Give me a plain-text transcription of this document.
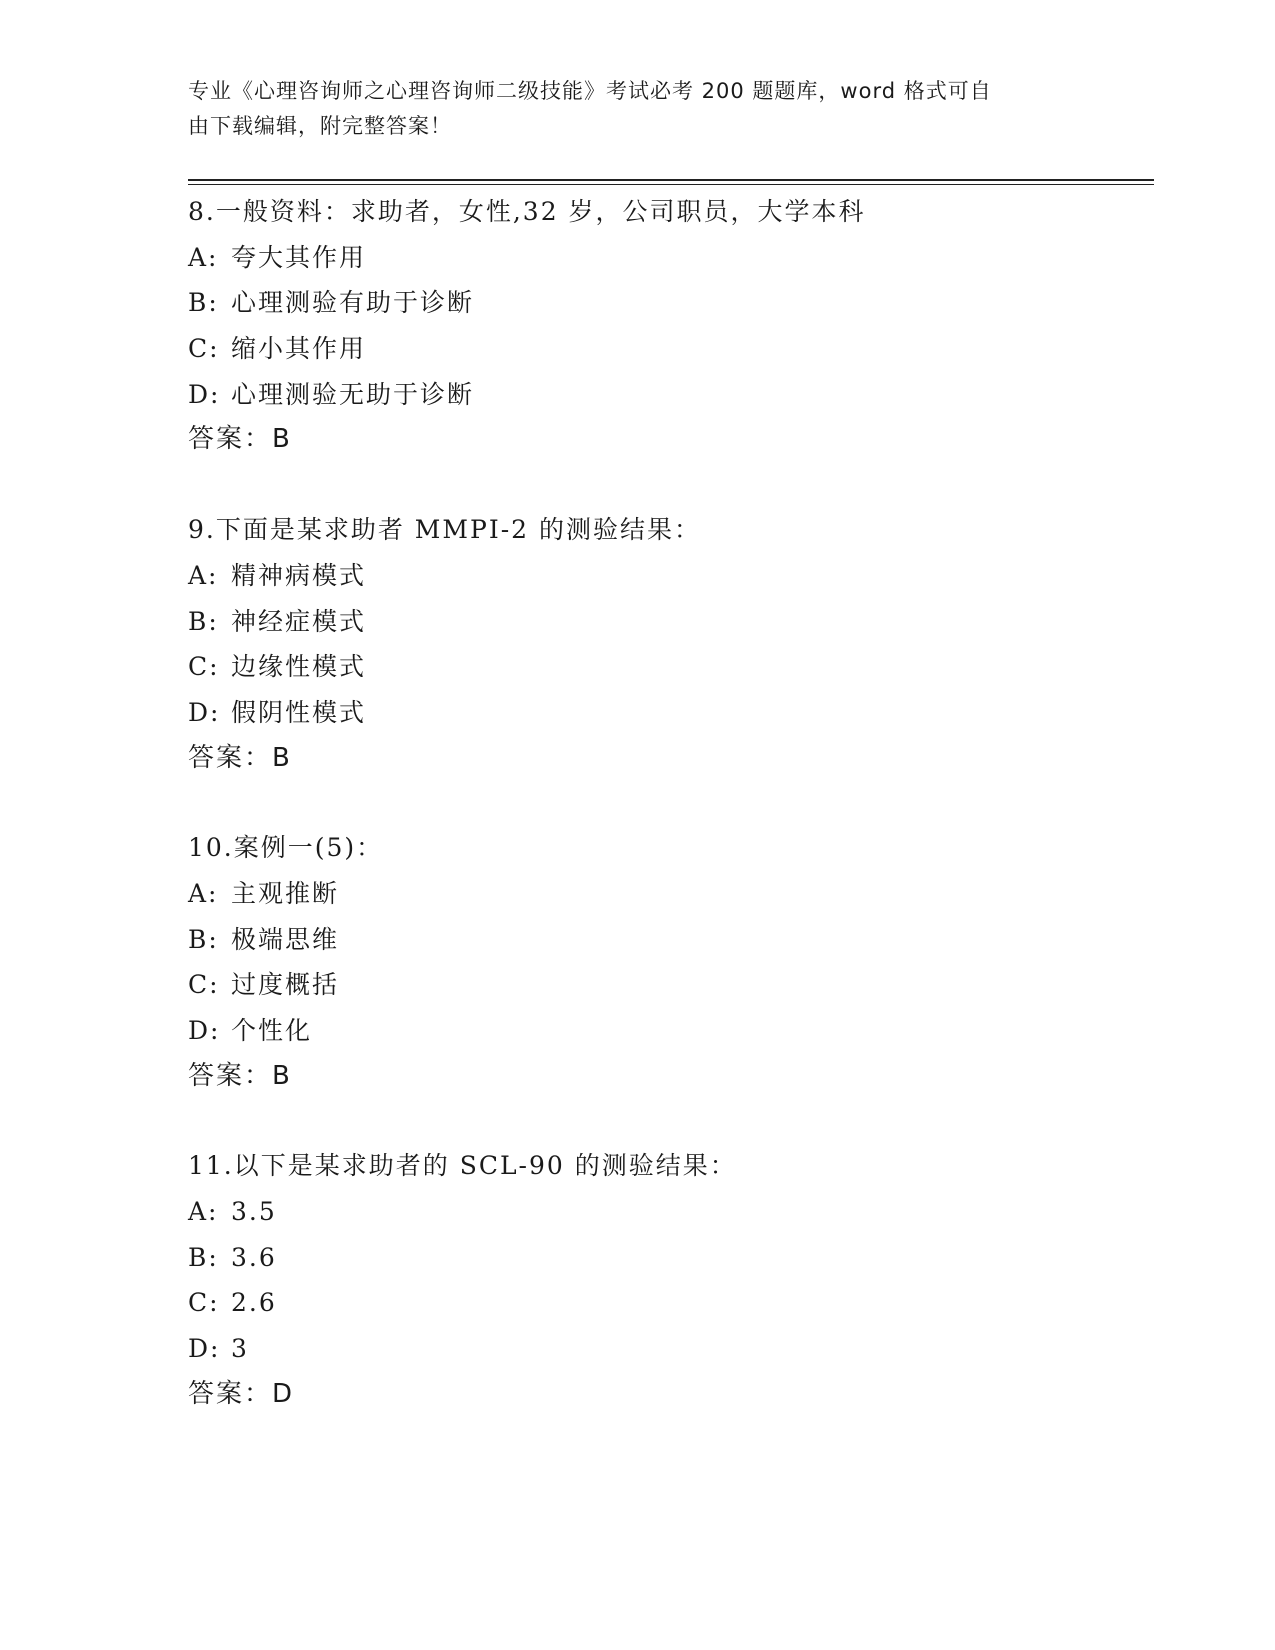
专业《心理咨询师之心理咨询师二级技能》考试必考 200 题题库，word 格式可自
由下载编辑，附完整答案！
8.一般资料：求助者，女性,32 岁，公司职员，大学本科
A: 夸大其作用
B: 心理测验有助于诊断
C: 缩小其作用
D: 心理测验无助于诊断
答案：B
9.下面是某求助者 MMPI-2 的测验结果：
A: 精神病模式
B: 神经症模式
C: 边缘性模式
D: 假阴性模式
答案：B
10.案例一(5)：
A: 主观推断
B: 极端思维
C: 过度概括
D: 个性化
答案：B
11.以下是某求助者的 SCL-90 的测验结果：
A: 3.5
B: 3.6
C: 2.6
D: 3
答案：D
